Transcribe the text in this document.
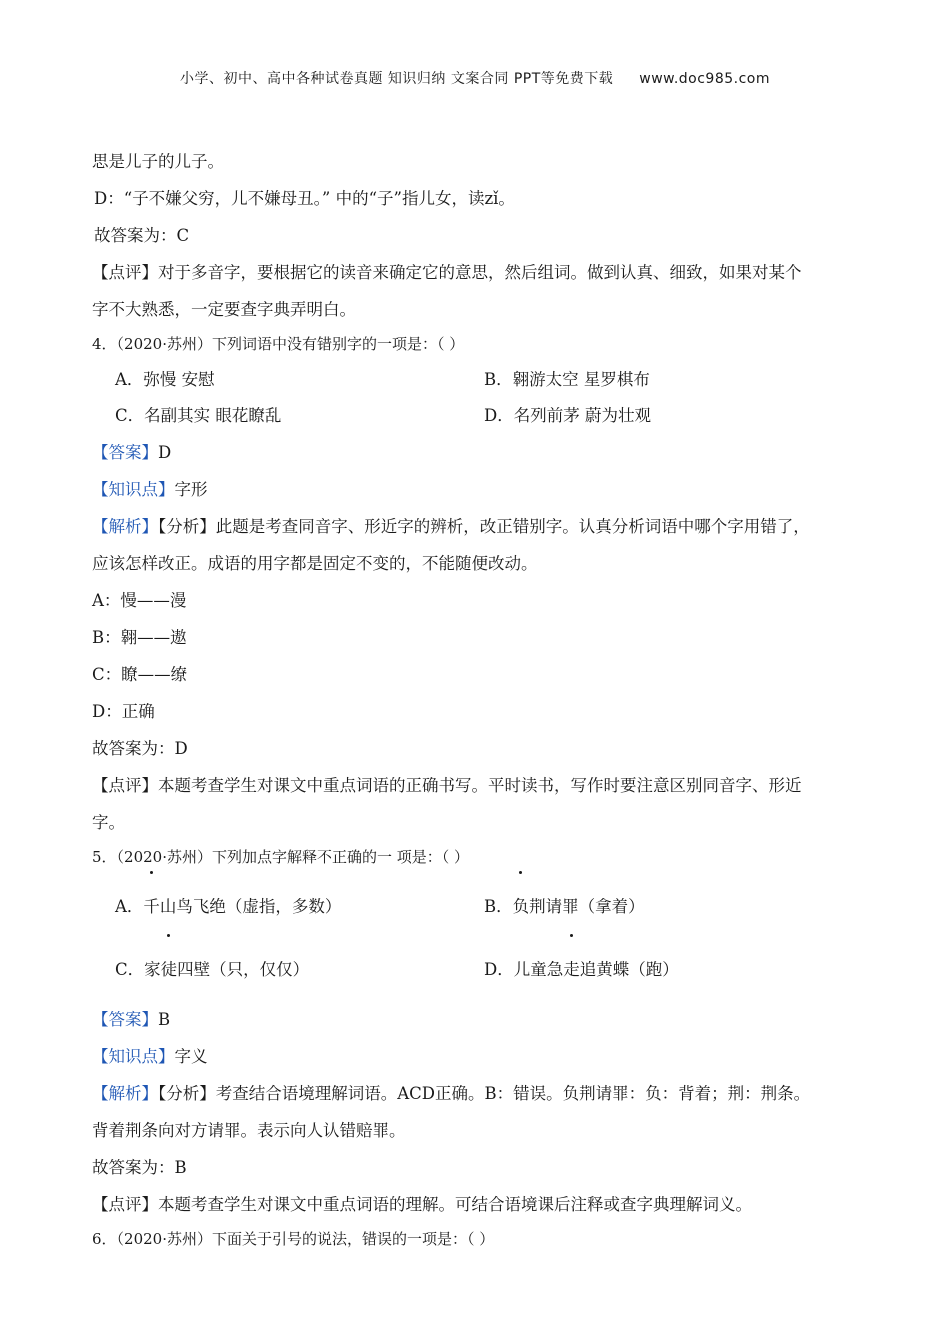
小学、初中、高中各种试卷真题 知识归纳 文案合同 PPT等免费下载 www.doc985.com
思是儿子的儿子。
D：“子不嫌父穷，儿不嫌母丑。” 中的“子”指儿女，读zǐ。
故答案为：C
【点评】对于多音字，要根据它的读音来确定它的意思，然后组词。做到认真、细致，如果对某个
字不大熟悉，一定要查字典弄明白。
4．（2020·苏州）下列词语中没有错别字的一项是：（ ）
A．弥慢 安慰	B．翱游太空 星罗棋布
C．名副其实 眼花瞭乱	D．名列前茅 蔚为壮观
【答案】D
【知识点】字形
【解析】【分析】此题是考查同音字、形近字的辨析，改正错别字。认真分析词语中哪个字用错了，
应该怎样改正。成语的用字都是固定不变的，不能随便改动。
A：慢——漫
B：翱——遨
C：瞭——缭
D：正确
故答案为：D
【点评】本题考查学生对课文中重点词语的正确书写。平时读书，写作时要注意区别同音字、形近
字。
5．（2020·苏州）下列加点字解释不正确的一 项是：（ ）
A．千山鸟飞绝（虚指，多数）	B．负荆请罪（拿着）
C．家徒四壁（只，仅仅）	D．儿童急走追黄蝶（跑）
【答案】B
【知识点】字义
【解析】【分析】考查结合语境理解词语。ACD正确。B：错误。负荆请罪：负：背着；荆：荆条。
背着荆条向对方请罪。表示向人认错赔罪。
故答案为：B
【点评】本题考查学生对课文中重点词语的理解。可结合语境课后注释或查字典理解词义。
6．（2020·苏州）下面关于引号的说法，错误的一项是：（ ）
